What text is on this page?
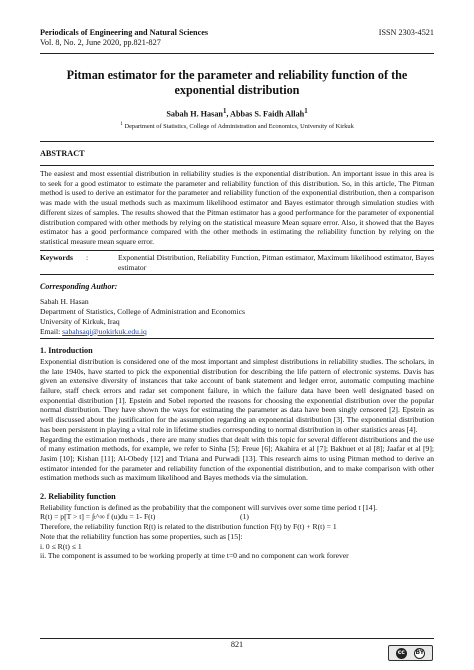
Periodicals of Engineering and Natural Sciences
Vol. 8, No. 2, June 2020, pp.821-827
ISSN 2303-4521
Pitman estimator for the parameter and reliability function of the
exponential distribution
Sabah H. Hasan$^1$, Abbas S. Faidh Allah$^1$
$^1$ Department of Statistics, College of Administration and Economics, University of Kirkuk
ABSTRACT

The easiest and most essential distribution in reliability studies is the exponential distribution. An important issue in this area is to seek for a good estimator to estimate the parameter and reliability function of this distribution. So, in this article, The Pitman method is used to derive an estimator for the parameter and reliability function of the exponential distribution, then a comparison was made with the usual methods such as maximum likelihood estimator and Bayes estimator through simulation studies with different sizes of samples. The results showed that the Pitman estimator has a good performance for the parameter of exponential distribution compared with other methods by relying on the statistical measure Mean square error. Also, it showed that the Bayes estimator has a good performance compared with the other methods in estimating the reliability function by relying on the statistical measure mean square error.

Keywords	:	Exponential Distribution, Reliability Function, Pitman estimator, Maximum likelihood estimator, Bayes estimator
Corresponding Author:
Sabah H. Hasan
Department of Statistics, College of Administration and Economics
University of Kirkuk, Iraq
Email: sabahsaqi@uokirkuk.edu.iq
1. Introduction

Exponential distribution is considered one of the most important and simplest distributions in reliability studies. The scholars, in the late 1940s, have started to pick the exponential distribution for describing the life pattern of electronic systems. Davis has given an extensive diversity of instances that take account of bank statement and ledger error, automatic computing machine failure, staff check errors and radar set component failure, in which the failure data have been well designated based on exponential distribution [1]. Epstein and Sobel reported the reasons for choosing the exponential distribution over the popular normal distribution. They have shown the ways for estimating the parameter as data have been singly censored [2]. Epstein as well discussed about the justification for the assumption regarding an exponential distribution [3]. The exponential distribution has been persistent in playing a vital role in lifetime studies corresponding to normal distribution in other statistics areas [4].

Regarding the estimation methods , there are many studies that dealt with this topic for several different distributions and the use of many estimation methods, for example, we refer to Sinha [5]; Freue [6]; Akahira et al [7]; Bakhuet et al [8]; Jaafar et al [9]; Jasim [10]; Kishan [11]; Al-Obedy [12] and Triana and Purwadi [13]. This research aims to using Pitman method to derive an estimator intended for the parameter and reliability function of the exponential distribution, and to make comparison with other estimation methods such as maximum likelihood and Bayes methods via the simulation.

2. Reliability function
Reliability function is defined as the probability that the component will survives over some time period t [14].
R(t) = p[T > t] = ∫ₜ^∞ f (u)du = 1- F(t)	(1)
Therefore, the reliability function R(t) is related to the distribution function F(t) by F(t) + R(t) = 1
Note that the reliability function has some properties, such as [15]:
i. 0 ≤ R(t) ≤ 1
ii. The component is assumed to be working properly at time t=0 and no component can work forever
821
cc	BY
